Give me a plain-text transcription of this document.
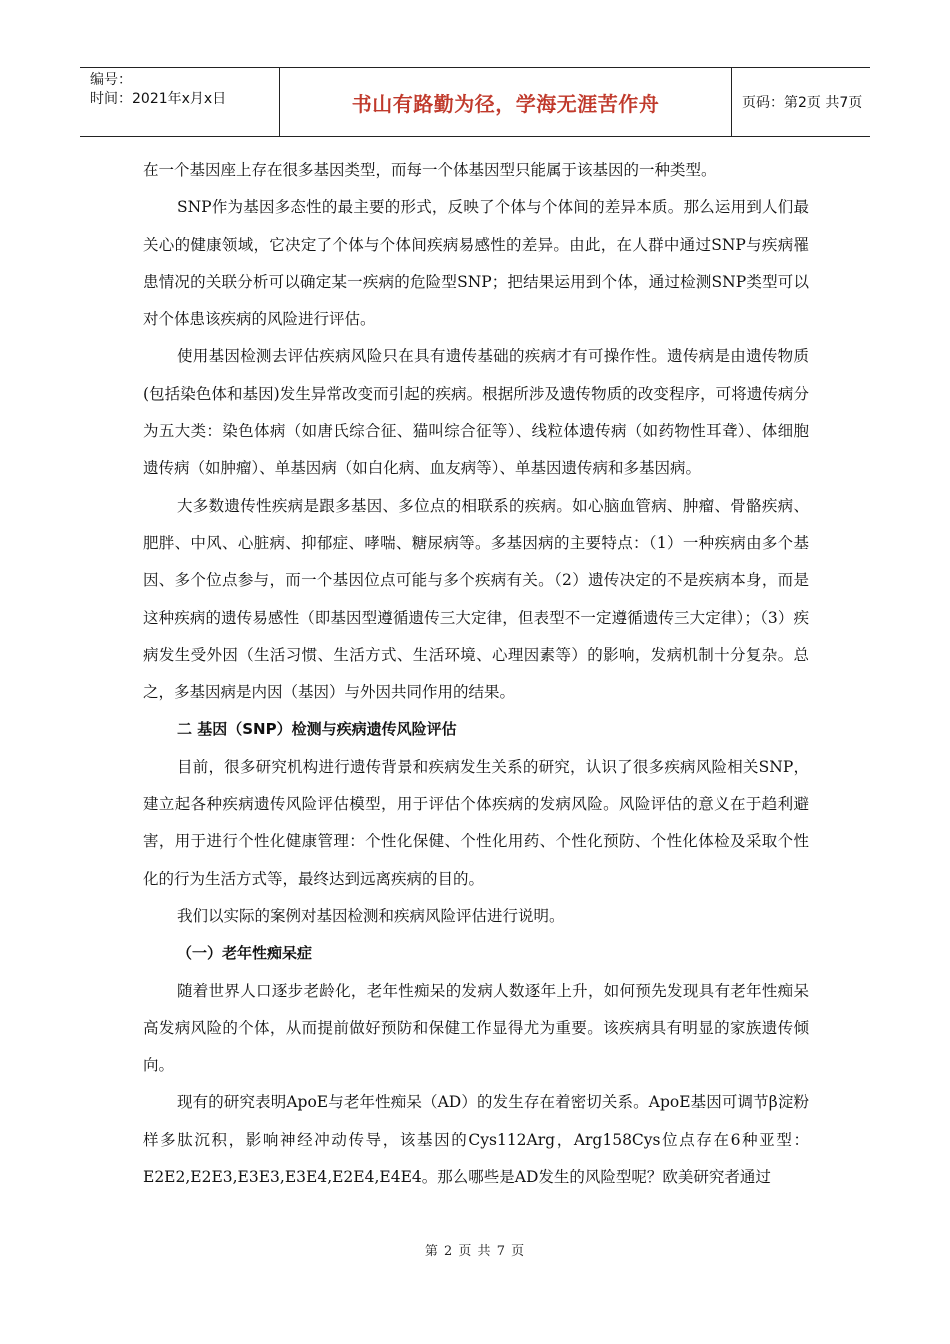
编号：
时间：2021年x月x日	书山有路勤为径，学海无涯苦作舟	页码：第2页 共7页

在一个基因座上存在很多基因类型，而每一个体基因型只能属于该基因的一种类型。

SNP作为基因多态性的最主要的形式，反映了个体与个体间的差异本质。那么运用到人们最关心的健康领域，它决定了个体与个体间疾病易感性的差异。由此，在人群中通过SNP与疾病罹患情况的关联分析可以确定某一疾病的危险型SNP；把结果运用到个体，通过检测SNP类型可以对个体患该疾病的风险进行评估。

使用基因检测去评估疾病风险只在具有遗传基础的疾病才有可操作性。遗传病是由遗传物质(包括染色体和基因)发生异常改变而引起的疾病。根据所涉及遗传物质的改变程序，可将遗传病分为五大类：染色体病（如唐氏综合征、猫叫综合征等）、线粒体遗传病（如药物性耳聋）、体细胞遗传病（如肿瘤）、单基因病（如白化病、血友病等）、单基因遗传病和多基因病。

大多数遗传性疾病是跟多基因、多位点的相联系的疾病。如心脑血管病、肿瘤、骨骼疾病、肥胖、中风、心脏病、抑郁症、哮喘、糖尿病等。多基因病的主要特点：（1）一种疾病由多个基因、多个位点参与，而一个基因位点可能与多个疾病有关。（2）遗传决定的不是疾病本身，而是这种疾病的遗传易感性（即基因型遵循遗传三大定律，但表型不一定遵循遗传三大定律）；（3）疾病发生受外因（生活习惯、生活方式、生活环境、心理因素等）的影响，发病机制十分复杂。总之，多基因病是内因（基因）与外因共同作用的结果。

二 基因（SNP）检测与疾病遗传风险评估

目前，很多研究机构进行遗传背景和疾病发生关系的研究，认识了很多疾病风险相关SNP，建立起各种疾病遗传风险评估模型，用于评估个体疾病的发病风险。风险评估的意义在于趋利避害，用于进行个性化健康管理：个性化保健、个性化用药、个性化预防、个性化体检及采取个性化的行为生活方式等，最终达到远离疾病的目的。

我们以实际的案例对基因检测和疾病风险评估进行说明。

（一）老年性痴呆症

随着世界人口逐步老龄化，老年性痴呆的发病人数逐年上升，如何预先发现具有老年性痴呆高发病风险的个体，从而提前做好预防和保健工作显得尤为重要。该疾病具有明显的家族遗传倾向。

现有的研究表明ApoE与老年性痴呆（AD）的发生存在着密切关系。ApoE基因可调节β淀粉样多肽沉积，影响神经冲动传导，该基因的Cys112Arg，Arg158Cys位点存在6种亚型：E2E2,E2E3,E3E3,E3E4,E2E4,E4E4。那么哪些是AD发生的风险型呢？欧美研究者通过

第 2 页 共 7 页
